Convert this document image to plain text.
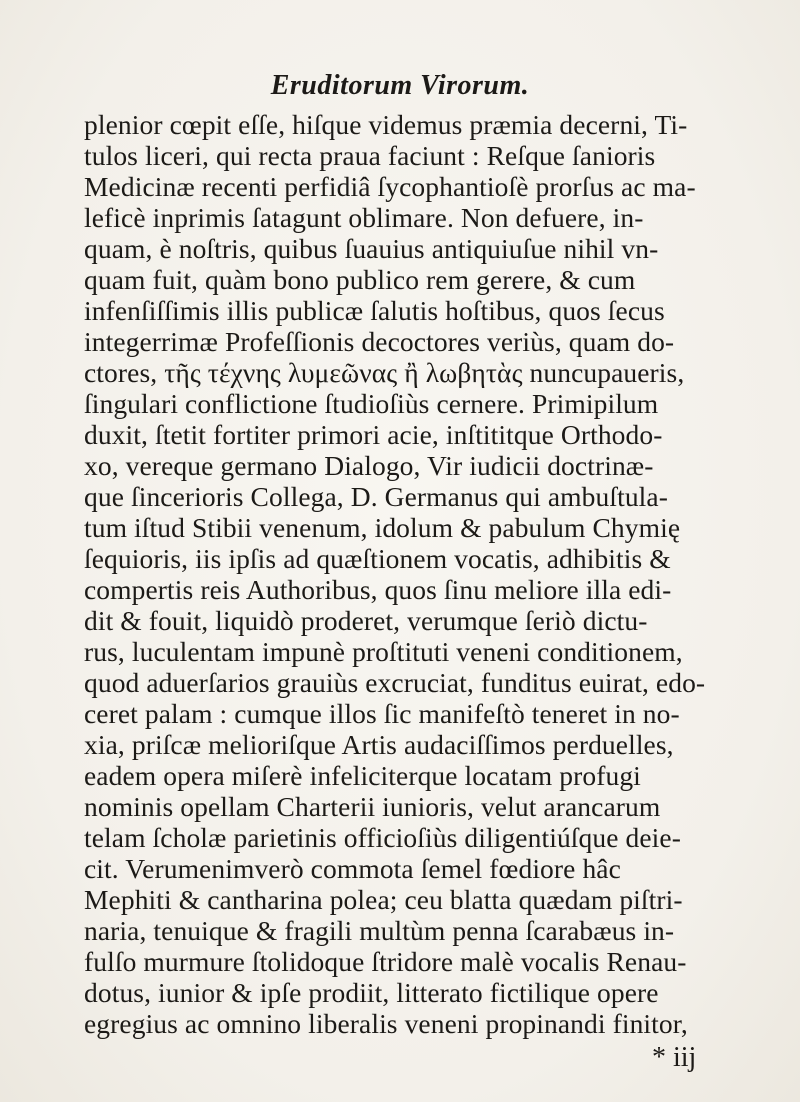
Eruditorum Virorum.
plenior cœpit eſſe, hiſque videmus præmia decerni, Ti-
tulos liceri, qui recta praua faciunt : Reſque ſanioris
Medicinæ recenti perfidiâ ſycophantioſè prorſus ac ma-
leficè inprimis ſatagunt oblimare. Non defuere, in-
quam, è noſtris, quibus ſuauius antiquiuſue nihil vn-
quam fuit, quàm bono publico rem gerere, & cum
infenſiſſimis illis publicæ ſalutis hoſtibus, quos ſecus
integerrimæ Profeſſionis decoctores veriùs, quam do-
ctores, τῆς τέχνης λυμεῶνας ἢ λωβητὰς nuncupaueris,
ſingulari conflictione ſtudioſiùs cernere. Primipilum
duxit, ſtetit fortiter primori acie, inſtititque Orthodo-
xo, vereque germano Dialogo, Vir iudicii doctrinæ-
que ſincerioris Collega, D. Germanus qui ambuſtula-
tum iſtud Stibii venenum, idolum & pabulum Chymię
ſequioris, iis ipſis ad quæſtionem vocatis, adhibitis &
compertis reis Authoribus, quos ſinu meliore illa edi-
dit & fouit, liquidò proderet, verumque ſeriò dictu-
rus, luculentam impunè proſtituti veneni conditionem,
quod aduerſarios grauiùs excruciat, funditus euirat, edo-
ceret palam : cumque illos ſic manifeſtò teneret in no-
xia, priſcæ melioriſque Artis audaciſſimos perduelles,
eadem opera miſerè infeliciterque locatam profugi
nominis opellam Charterii iunioris, velut arancarum
telam ſcholæ parietinis officioſiùs diligentiúſque deie-
cit. Verumenimverò commota ſemel fœdiore hâc
Mephiti & cantharina polea; ceu blatta quædam piſtri-
naria, tenuique & fragili multùm penna ſcarabæus in-
fulſo murmure ſtolidoque ſtridore malè vocalis Renau-
dotus, iunior & ipſe prodiit, litterato fictilique opere
egregius ac omnino liberalis veneni propinandi finitor,
* iij
